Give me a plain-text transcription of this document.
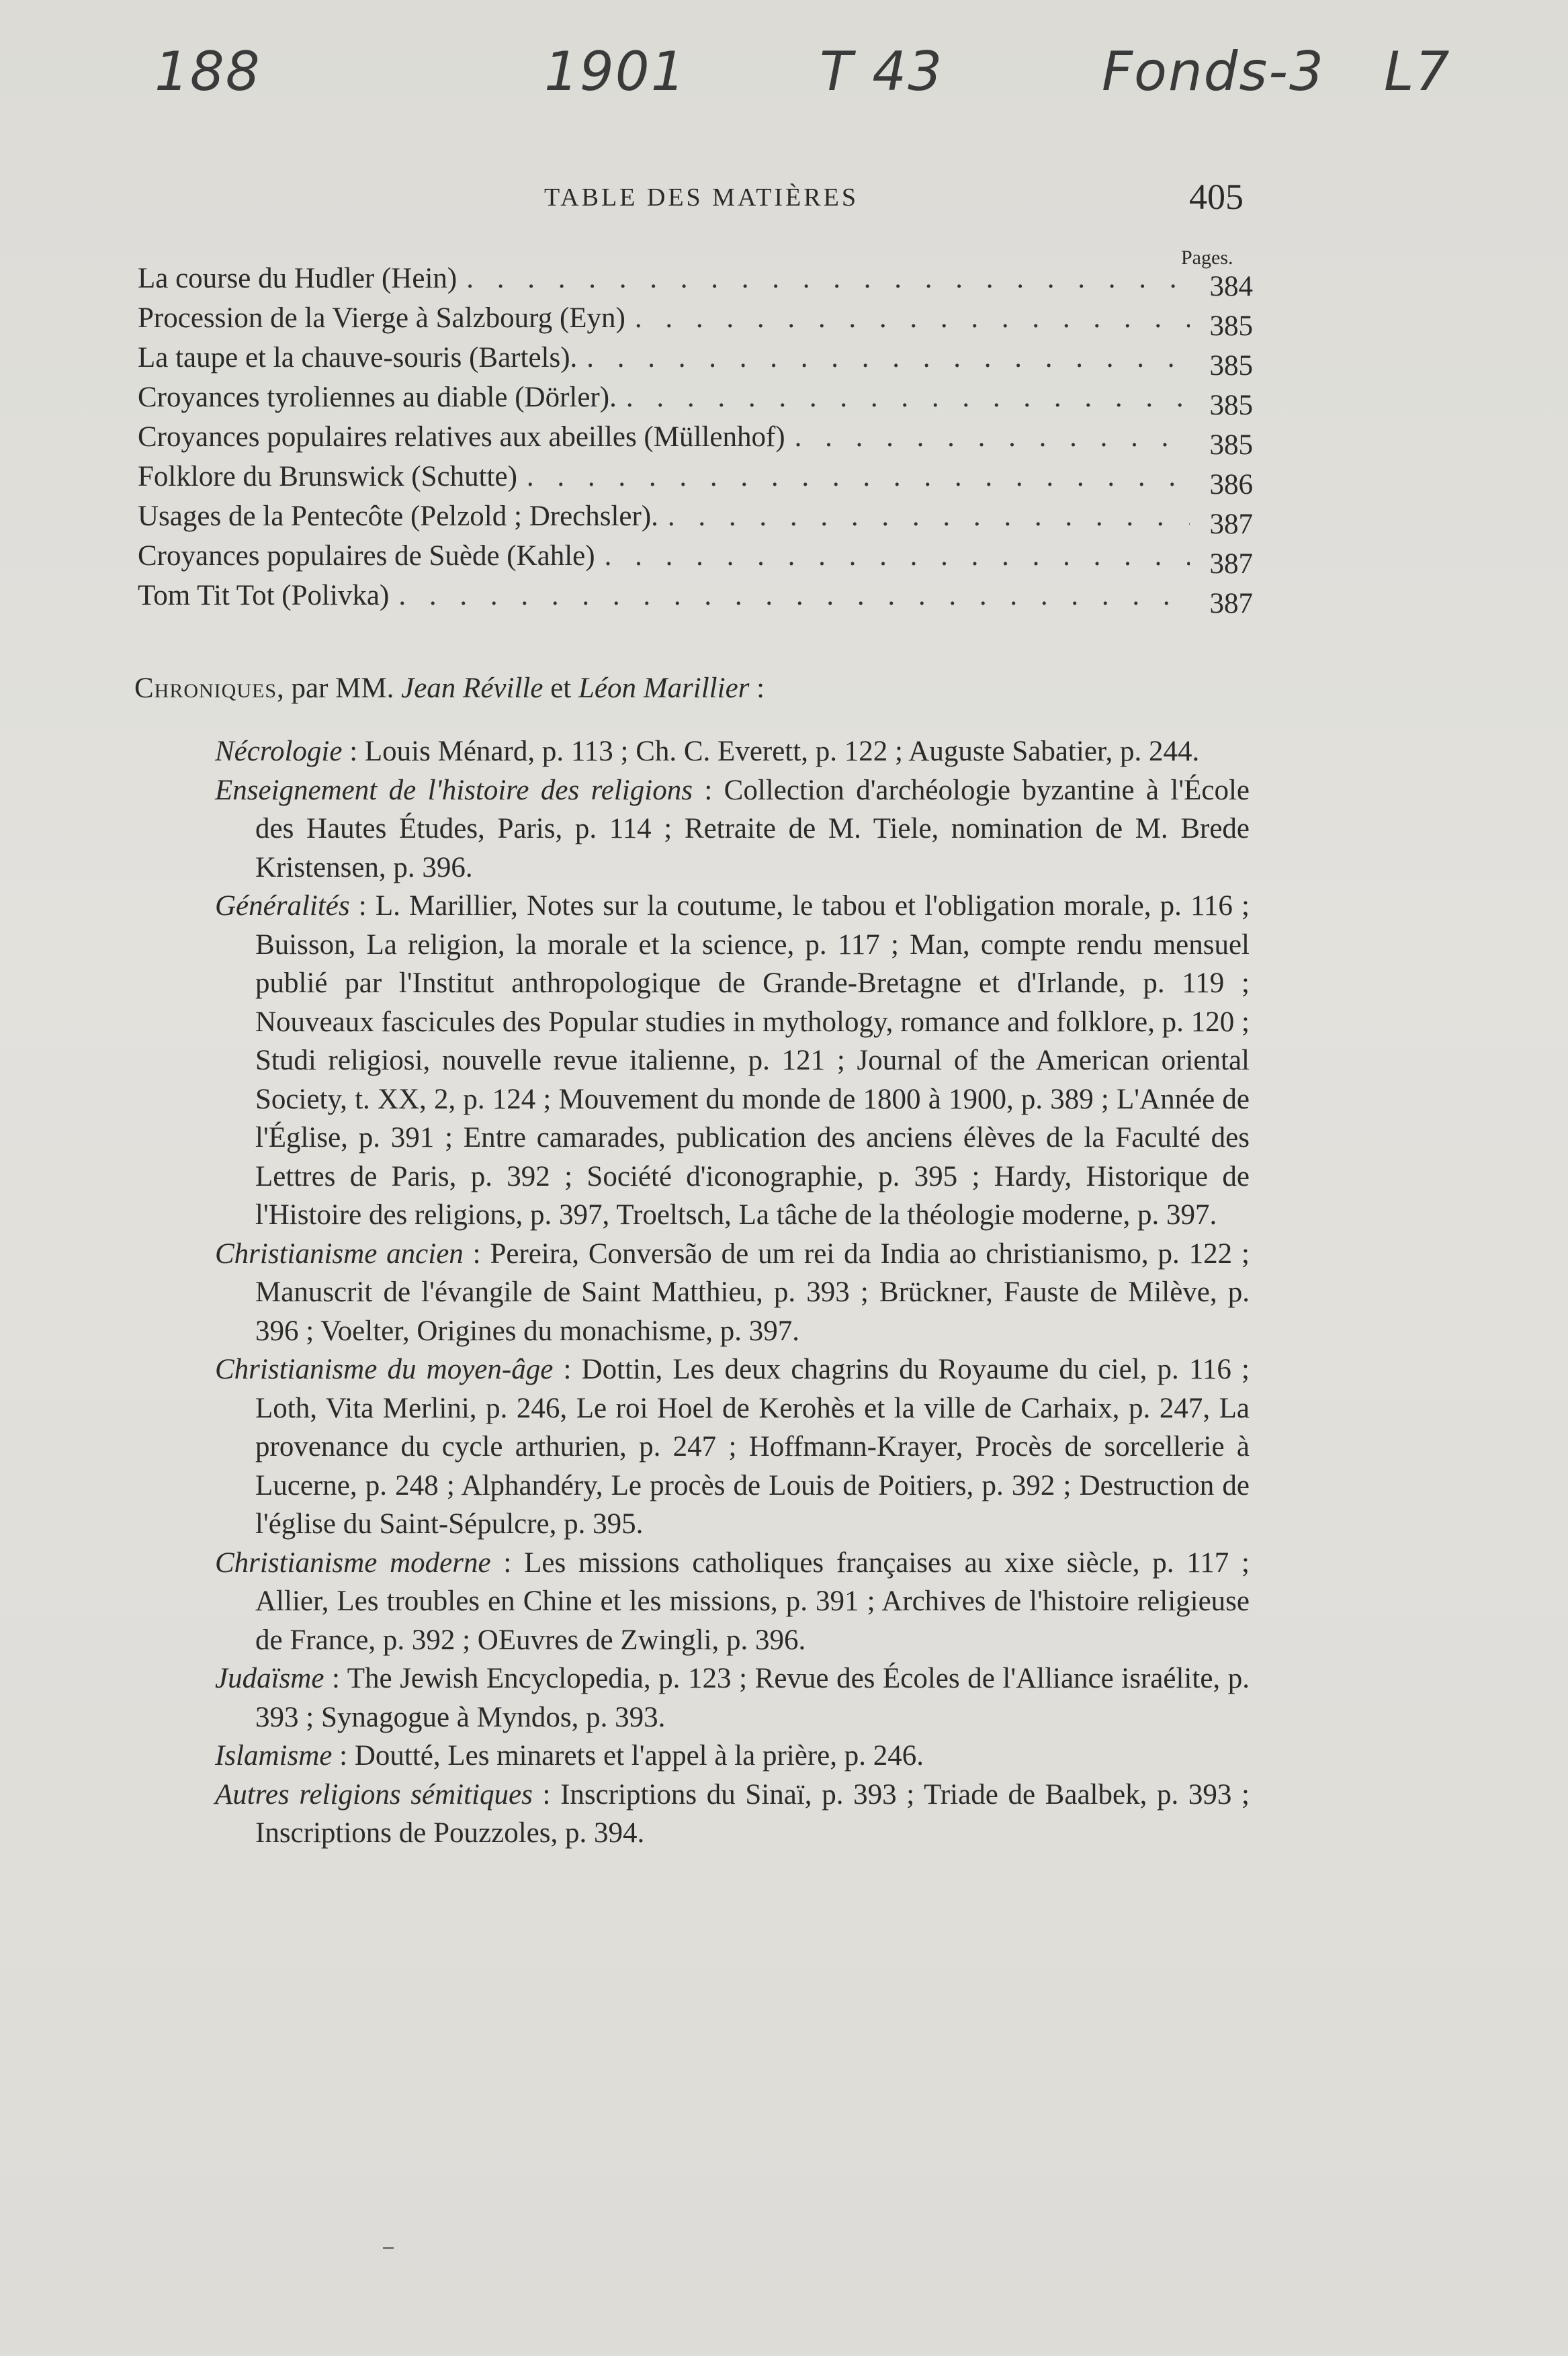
188	1901 T 43	Fonds-3 L7
TABLE DES MATIÈRES	405
Pages.
La course du Hudler (Hein) . . .	384
Procession de la Vierge à Salzbourg (Eyn) . . .	385
La taupe et la chauve-souris (Bartels). . . .	385
Croyances tyroliennes au diable (Dörler). . . .	385
Croyances populaires relatives aux abeilles (Müllenhof) . . .	385
Folklore du Brunswick (Schutte) . . .	386
Usages de la Pentecôte (Pelzold ; Drechsler). . . .	387
Croyances populaires de Suède (Kahle) . . .	387
Tom Tit Tot (Polivka) . . .	387
Chroniques, par MM. Jean Réville et Léon Marillier :

Nécrologie : Louis Ménard, p. 113 ; Ch. C. Everett, p. 122 ; Auguste Sabatier, p. 244.

Enseignement de l'histoire des religions : Collection d'archéologie byzantine à l'École des Hautes Études, Paris, p. 114 ; Retraite de M. Tiele, nomination de M. Brede Kristensen, p. 396.

Généralités : L. Marillier, Notes sur la coutume, le tabou et l'obligation morale, p. 116 ; Buisson, La religion, la morale et la science, p. 117 ; Man, compte rendu mensuel publié par l'Institut anthropologique de Grande-Bretagne et d'Irlande, p. 119 ; Nouveaux fascicules des Popular studies in mythology, romance and folklore, p. 120 ; Studi religiosi, nouvelle revue italienne, p. 121 ; Journal of the American oriental Society, t. XX, 2, p. 124 ; Mouvement du monde de 1800 à 1900, p. 389 ; L'Année de l'Église, p. 391 ; Entre camarades, publication des anciens élèves de la Faculté des Lettres de Paris, p. 392 ; Société d'iconographie, p. 395 ; Hardy, Historique de l'Histoire des religions, p. 397, Troeltsch, La tâche de la théologie moderne, p. 397.

Christianisme ancien : Pereira, Conversão de um rei da India ao christianismo, p. 122 ; Manuscrit de l'évangile de Saint Matthieu, p. 393 ; Brückner, Fauste de Milève, p. 396 ; Voelter, Origines du monachisme, p. 397.

Christianisme du moyen-âge : Dottin, Les deux chagrins du Royaume du ciel, p. 116 ; Loth, Vita Merlini, p. 246, Le roi Hoel de Kerohès et la ville de Carhaix, p. 247, La provenance du cycle arthurien, p. 247 ; Hoffmann-Krayer, Procès de sorcellerie à Lucerne, p. 248 ; Alphandéry, Le procès de Louis de Poitiers, p. 392 ; Destruction de l'église du Saint-Sépulcre, p. 395.

Christianisme moderne : Les missions catholiques françaises au xixe siècle, p. 117 ; Allier, Les troubles en Chine et les missions, p. 391 ; Archives de l'histoire religieuse de France, p. 392 ; OEuvres de Zwingli, p. 396.

Judaïsme : The Jewish Encyclopedia, p. 123 ; Revue des Écoles de l'Alliance israélite, p. 393 ; Synagogue à Myndos, p. 393.

Islamisme : Doutté, Les minarets et l'appel à la prière, p. 246.

Autres religions sémitiques : Inscriptions du Sinaï, p. 393 ; Triade de Baalbek, p. 393 ; Inscriptions de Pouzzoles, p. 394.
